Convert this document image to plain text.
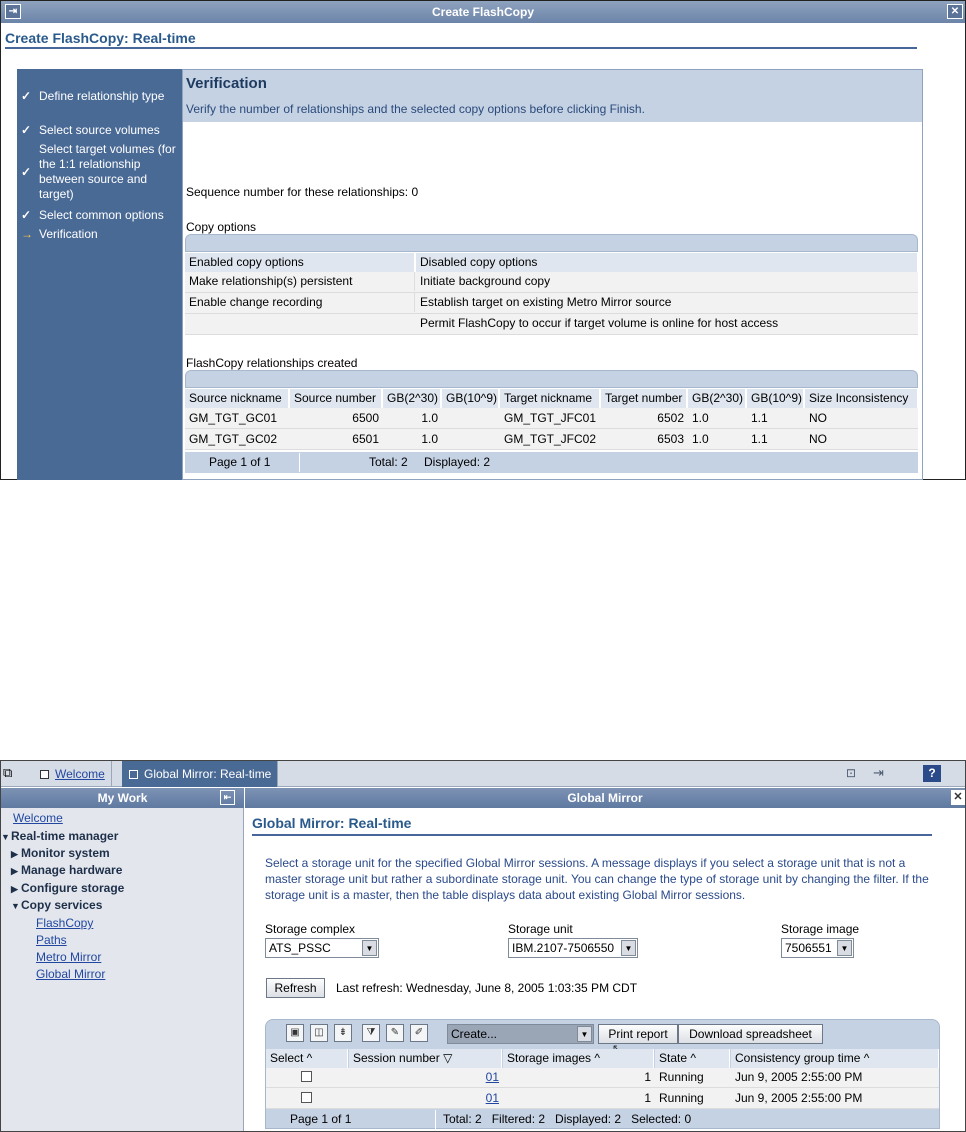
⇥	Create FlashCopy	✕
Create FlashCopy: Real-time
✓ Define relationship type
✓ Select source volumes
✓
Select target volumes (for the 1:1 relationship between source and target)
✓ Select common options
→ Verification
Verification
Verify the number of relationships and the selected copy options before clicking Finish.
Sequence number for these relationships: 0
Copy options
Enabled copy options	Disabled copy options
Make relationship(s) persistent	Initiate background copy
Enable change recording	Establish target on existing Metro Mirror source
Permit FlashCopy to occur if target volume is online for host access
FlashCopy relationships created
Source nickname	Source number GB(2^30) GB(10^9) Target nickname	Target number GB(2^30) GB(10^9) Size Inconsistency
GM_TGT_GC01	6500	1.0	GM_TGT_JFC01	6502 1.0	1.1	NO
GM_TGT_GC02	6501	1.0	GM_TGT_JFC02	6503 1.0	1.1	NO
Page 1 of 1	Total: 2	Displayed: 2
⧉	Welcome	Global Mirror: Real-time	⊡	⇥	?
My Work	⇤	Global Mirror	✕
Welcome
▼Real-time manager
▶ Monitor system
▶ Manage hardware
▶ Configure storage
▼Copy services
FlashCopy
Paths
Metro Mirror
Global Mirror
Global Mirror: Real-time
Select a storage unit for the specified Global Mirror sessions. A message displays if you select a storage unit that is not a master storage unit but rather a subordinate storage unit. You can change the type of storage unit by changing the filter. If the storage unit is a master, then the table displays data about existing Global Mirror sessions.
Storage complex
ATS_PSSC	▼
Storage unit
IBM.2107-7506550	▼
Storage image
7506551	▼
Refresh	Last refresh: Wednesday, June 8, 2005 1:03:35 PM CDT
▣	◫	⇟	⧩	✎	✐	Create...	▼	Print report	Download spreadsheet
Select ^	Session number ▽	Storage images ^	State ^	Consistency group time ^
01	1 Running	Jun 9, 2005 2:55:00 PM
01	1 Running	Jun 9, 2005 2:55:00 PM
Page 1 of 1	Total: 2   Filtered: 2   Displayed: 2   Selected: 0
